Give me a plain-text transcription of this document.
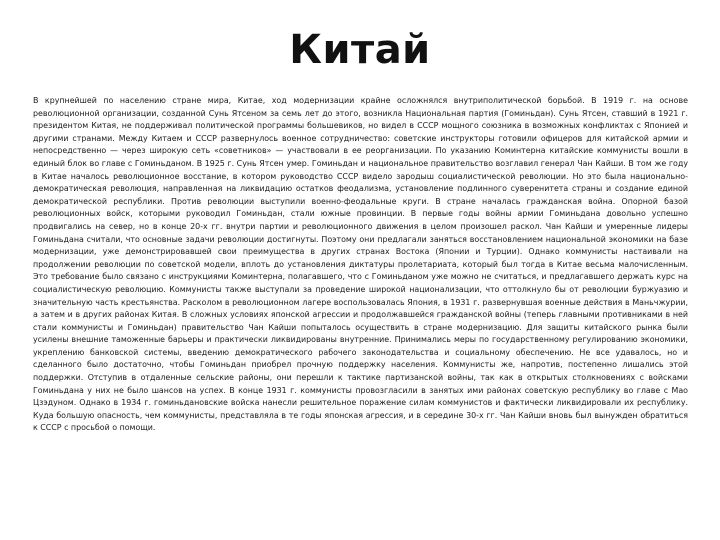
Китай

В крупнейшей по населению стране мира, Китае, ход модернизации крайне осложнялся внутриполитической борьбой. В 1919 г. на основе революционной организации, созданной Сунь Ятсеном за семь лет до этого, возникла Национальная партия (Гоминьдан). Сунь Ятсен, ставший в 1921 г. президентом Китая, не поддерживал политической программы большевиков, но видел в СССР мощного союзника в возможных конфликтах с Японией и другими странами. Между Китаем и СССР развернулось военное сотрудничество: советские инструкторы готовили офицеров для китайской армии и непосредственно — через широкую сеть «советников» — участвовали в ее реорганизации. По указанию Коминтерна китайские коммунисты вошли в единый блок во главе с Гоминьданом. В 1925 г. Сунь Ятсен умер. Гоминьдан и национальное правительство возглавил генерал Чан Кайши. В том же году в Китае началось революционное восстание, в котором руководство СССР видело зародыш социалистической революции. Но это была национально-демократическая революция, направленная на ликвидацию остатков феодализма, установление подлинного суверенитета страны и создание единой демократической республики. Против революции выступили военно-феодальные круги. В стране началась гражданская война. Опорной базой революционных войск, которыми руководил Гоминьдан, стали южные провинции. В первые годы войны армии Гоминьдана довольно успешно продвигались на север, но в конце 20-х гг. внутри партии и революционного движения в целом произошел раскол. Чан Кайши и умеренные лидеры Гоминьдана считали, что основные задачи революции достигнуты. Поэтому они предлагали заняться восстановлением национальной экономики на базе модернизации, уже демонстрировавшей свои преимущества в других странах Востока (Японии и Турции). Однако коммунисты настаивали на продолжении революции по советской модели, вплоть до установления диктатуры пролетариата, который был тогда в Китае весьма малочисленным. Это требование было связано с инструкциями Коминтерна, полагавшего, что с Гоминьданом уже можно не считаться, и предлагавшего держать курс на социалистическую революцию. Коммунисты также выступали за проведение широкой национализации, что оттолкнуло бы от революции буржуазию и значительную часть крестьянства. Расколом в революционном лагере воспользовалась Япония, в 1931 г. развернувшая военные действия в Маньчжурии, а затем и в других районах Китая. В сложных условиях японской агрессии и продолжавшейся гражданской войны (теперь главными противниками в ней стали коммунисты и Гоминьдан) правительство Чан Кайши попыталось осуществить в стране модернизацию. Для защиты китайского рынка были усилены внешние таможенные барьеры и практически ликвидированы внутренние. Принимались меры по государственному регулированию экономики, укреплению банковской системы, введению демократического рабочего законодательства и социальному обеспечению. Не все удавалось, но и сделанного было достаточно, чтобы Гоминьдан приобрел прочную поддержку населения. Коммунисты же, напротив, постепенно лишались этой поддержки. Отступив в отдаленные сельские районы, они перешли к тактике партизанской войны, так как в открытых столкновениях с войсками Гоминьдана у них не было шансов на успех. В конце 1931 г. коммунисты провозгласили в занятых ими районах советскую республику во главе с Мао Цзэдуном. Однако в 1934 г. гоминьдановские войска нанесли решительное поражение силам коммунистов и фактически ликвидировали их республику. Куда большую опасность, чем коммунисты, представляла в те годы японская агрессия, и в середине 30-х гг. Чан Кайши вновь был вынужден обратиться к СССР с просьбой о помощи.
